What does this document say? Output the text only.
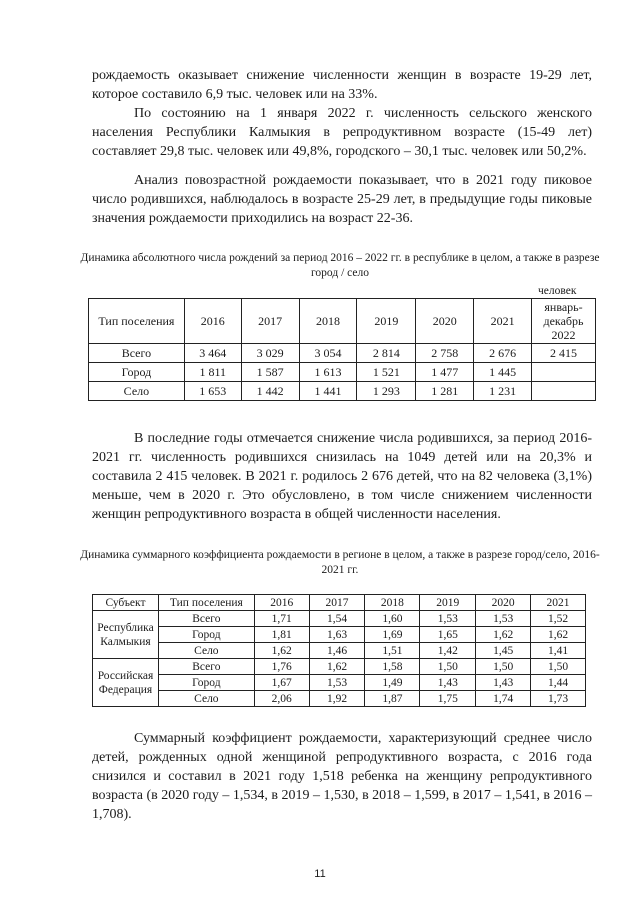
рождаемость оказывает снижение численности женщин в возрасте 19-29 лет, которое составило 6,9 тыс. человек или на 33%.

По состоянию на 1 января 2022 г. численность сельского женского населения Республики Калмыкия в репродуктивном возрасте (15-49 лет) составляет 29,8 тыс. человек или 49,8%, городского – 30,1 тыс. человек или 50,2%.

Анализ повозрастной рождаемости показывает, что в 2021 году пиковое число родившихся, наблюдалось в возрасте 25-29 лет, в предыдущие годы пиковые значения рождаемости приходились на возраст 22-36.

Динамика абсолютного числа рождений за период 2016 – 2022 гг. в республике в целом, а также в разрезе город / село

человек
Тип поселения	2016	2017	2018	2019	2020	2021	январь-декабрь 2022
Всего	3 464	3 029	3 054	2 814	2 758	2 676	2 415
Город	1 811	1 587	1 613	1 521	1 477	1 445	
Село	1 653	1 442	1 441	1 293	1 281	1 231	

В последние годы отмечается снижение числа родившихся, за период 2016-2021 гг. численность родившихся снизилась на 1049 детей или на 20,3% и составила 2 415 человек. В 2021 г. родилось 2 676 детей, что на 82 человека (3,1%) меньше, чем в 2020 г. Это обусловлено, в том числе снижением численности женщин репродуктивного возраста в общей численности населения.

Динамика суммарного коэффициента рождаемости в регионе в целом, а также в разрезе город/село, 2016-2021 гг.

Субъект	Тип поселения	2016	2017	2018	2019	2020	2021
Республика Калмыкия	Всего	1,71	1,54	1,60	1,53	1,53	1,52
	Город	1,81	1,63	1,69	1,65	1,62	1,62
	Село	1,62	1,46	1,51	1,42	1,45	1,41
Российская Федерация	Всего	1,76	1,62	1,58	1,50	1,50	1,50
	Город	1,67	1,53	1,49	1,43	1,43	1,44
	Село	2,06	1,92	1,87	1,75	1,74	1,73

Суммарный коэффициент рождаемости, характеризующий среднее число детей, рожденных одной женщиной репродуктивного возраста, с 2016 года снизился и составил в 2021 году 1,518 ребенка на женщину репродуктивного возраста (в 2020 году – 1,534, в 2019 – 1,530, в 2018 – 1,599, в 2017 – 1,541, в 2016 – 1,708).

11
